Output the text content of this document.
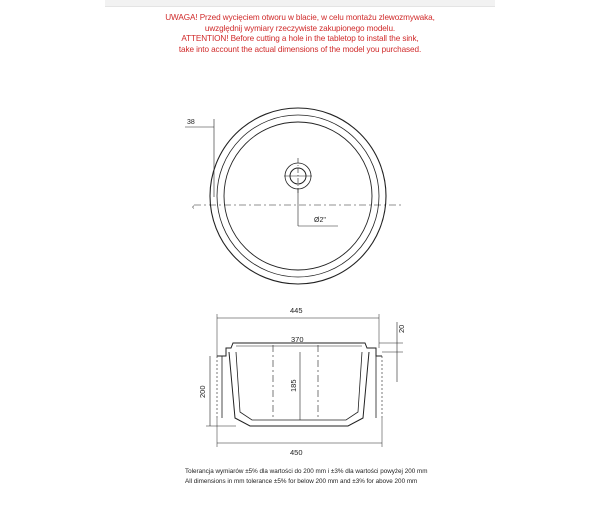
UWAGA! Przed wycięciem otworu w blacie, w celu montażu zlewozmywaka,
uwzględnij wymiary rzeczywiste zakupionego modelu.
ATTENTION! Before cutting a hole in the tabletop to install the sink,
take into account the actual dimensions of the model you purchased.
38
Ø2"
‹
445
370
185
200
20
450
Tolerancja wymiarów ±5% dla wartości do 200 mm i ±3% dla wartości powyżej 200 mm
All dimensions in mm tolerance ±5% for below 200 mm and ±3% for above 200 mm
